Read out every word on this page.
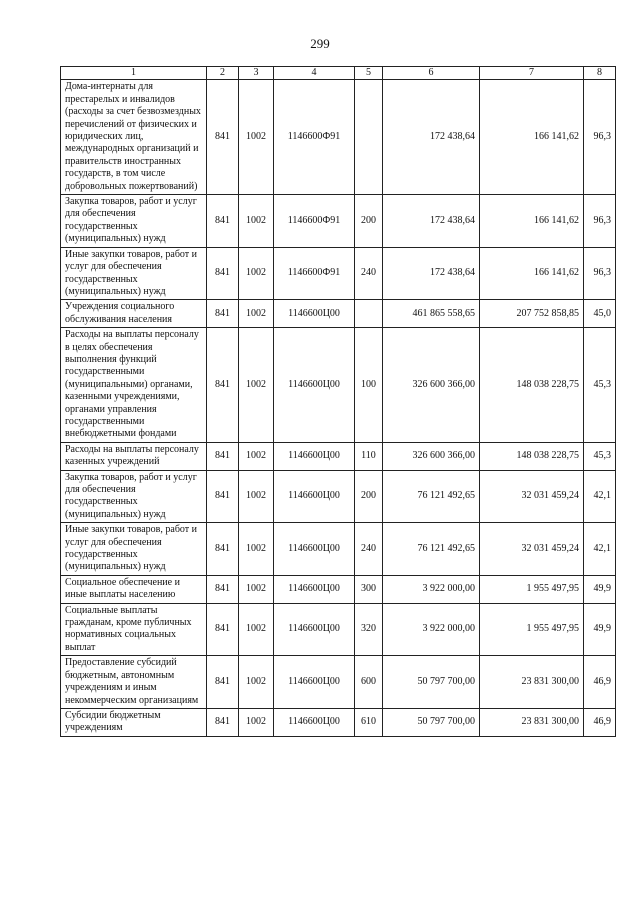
299
1	2	3	4	5	6	7	8
Дома-интернаты для престарелых и инвалидов (расходы за счет безвозмездных перечислений от физических и юридических лиц, международных организаций и правительств иностранных государств, в том числе добровольных пожертвований)	841	1002	1146600Ф91		172 438,64	166 141,62	96,3
Закупка товаров, работ и услуг для обеспечения государственных (муниципальных) нужд	841	1002	1146600Ф91	200	172 438,64	166 141,62	96,3
Иные закупки товаров, работ и услуг для обеспечения государственных (муниципальных) нужд	841	1002	1146600Ф91	240	172 438,64	166 141,62	96,3
Учреждения социального обслуживания населения	841	1002	1146600Ц00		461 865 558,65	207 752 858,85	45,0
Расходы на выплаты персоналу в целях обеспечения выполнения функций государственными (муниципальными) органами, казенными учреждениями, органами управления государственными внебюджетными фондами	841	1002	1146600Ц00	100	326 600 366,00	148 038 228,75	45,3
Расходы на выплаты персоналу казенных учреждений	841	1002	1146600Ц00	110	326 600 366,00	148 038 228,75	45,3
Закупка товаров, работ и услуг для обеспечения государственных (муниципальных) нужд	841	1002	1146600Ц00	200	76 121 492,65	32 031 459,24	42,1
Иные закупки товаров, работ и услуг для обеспечения государственных (муниципальных) нужд	841	1002	1146600Ц00	240	76 121 492,65	32 031 459,24	42,1
Социальное обеспечение и иные выплаты населению	841	1002	1146600Ц00	300	3 922 000,00	1 955 497,95	49,9
Социальные выплаты гражданам, кроме публичных нормативных социальных выплат	841	1002	1146600Ц00	320	3 922 000,00	1 955 497,95	49,9
Предоставление субсидий бюджетным, автономным учреждениям и иным некоммерческим организациям	841	1002	1146600Ц00	600	50 797 700,00	23 831 300,00	46,9
Субсидии бюджетным учреждениям	841	1002	1146600Ц00	610	50 797 700,00	23 831 300,00	46,9
